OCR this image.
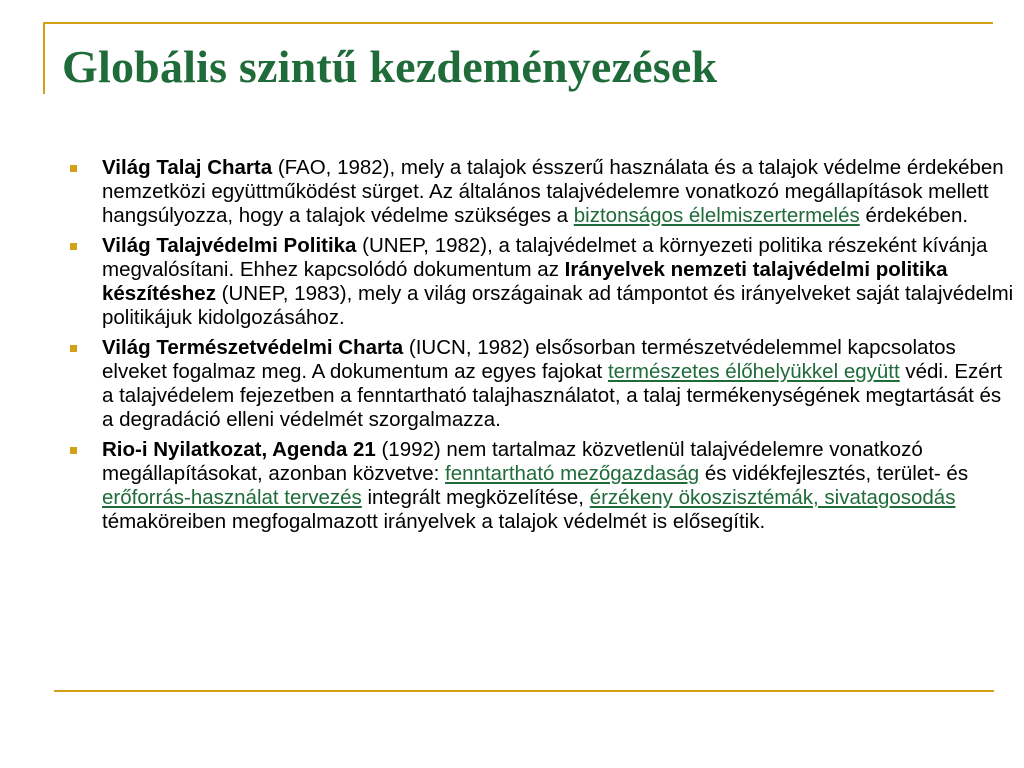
Globális szintű kezdeményezések
Világ Talaj Charta (FAO, 1982), mely a talajok ésszerű használata és a talajok védelme érdekében nemzetközi együttműködést sürget. Az általános talajvédelemre vonatkozó megállapítások mellett hangsúlyozza, hogy a talajok védelme szükséges a biztonságos élelmiszertermelés érdekében.
Világ Talajvédelmi Politika (UNEP, 1982), a talajvédelmet a környezeti politika részeként kívánja megvalósítani. Ehhez kapcsolódó dokumentum az Irányelvek nemzeti talajvédelmi politika készítéshez (UNEP, 1983), mely a világ országainak ad támpontot és irányelveket saját talajvédelmi politikájuk kidolgozásához.
Világ Természetvédelmi Charta (IUCN, 1982) elsősorban természetvédelemmel kapcsolatos elveket fogalmaz meg. A dokumentum az egyes fajokat természetes élőhelyükkel együtt védi. Ezért a talajvédelem fejezetben a fenntartható talajhasználatot, a talaj termékenységének megtartását és a degradáció elleni védelmét szorgalmazza.
Rio-i Nyilatkozat, Agenda 21 (1992) nem tartalmaz közvetlenül talajvédelemre vonatkozó megállapításokat, azonban közvetve: fenntartható mezőgazdaság és vidékfejlesztés, terület- és erőforrás-használat tervezés integrált megközelítése, érzékeny ökoszisztémák, sivatagosodás témaköreiben megfogalmazott irányelvek a talajok védelmét is elősegítik.
